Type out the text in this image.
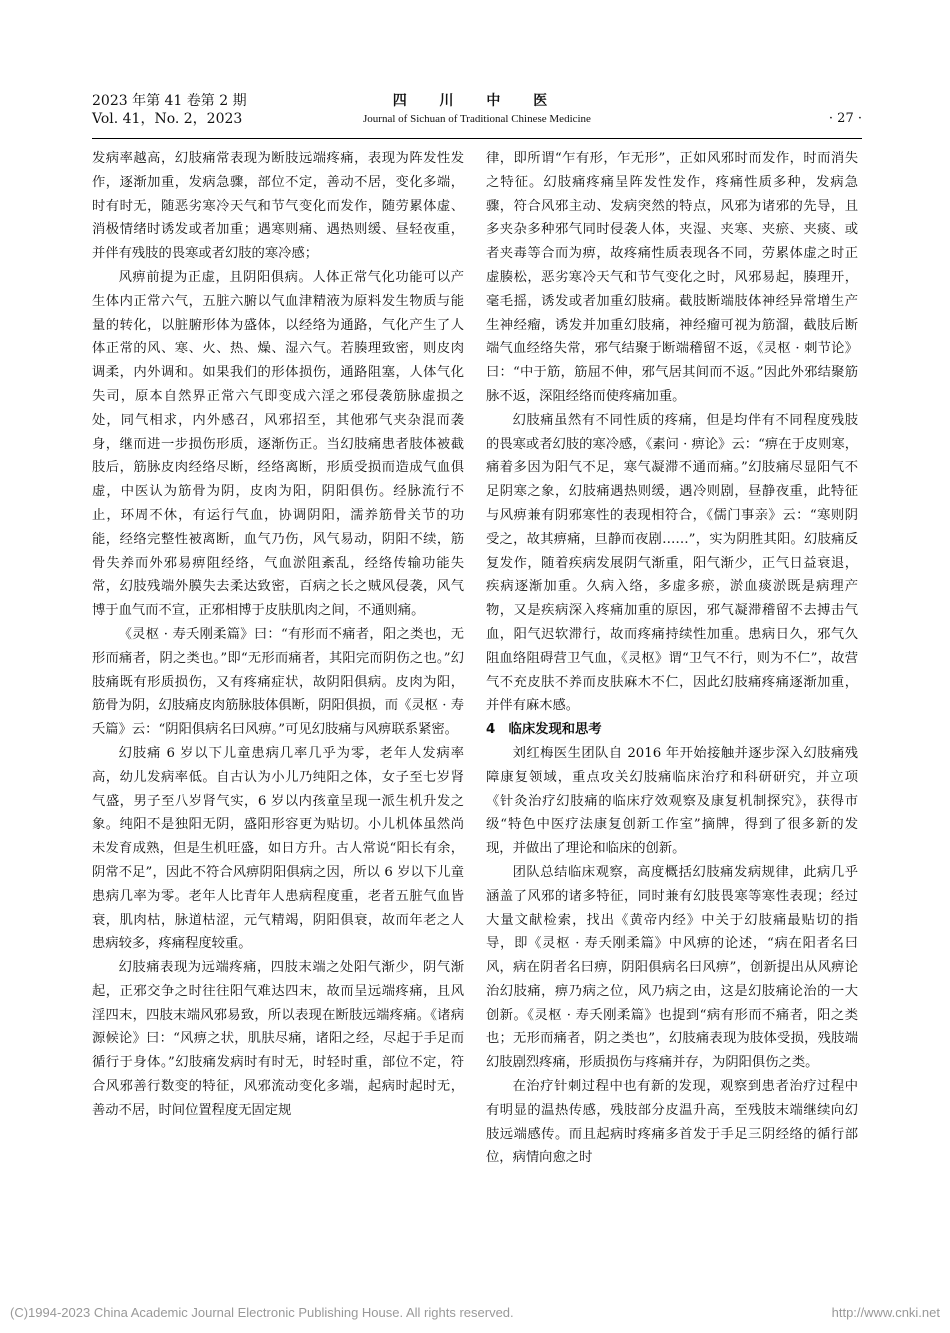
2023 年第 41 卷第 2 期
Vol. 41，No. 2，2023
四 川 中 医
Journal of Sichuan of Traditional Chinese Medicine	· 27 ·

发病率越高，幻肢痛常表现为断肢远端疼痛，表现为阵发性发作，逐渐加重，发病急骤，部位不定，善动不居，变化多端，时有时无，随恶劣寒冷天气和节气变化而发作，随劳累体虚、消极情绪时诱发或者加重；遇寒则痛、遇热则缓、昼轻夜重，并伴有残肢的畏寒或者幻肢的寒冷感；

风痹前提为正虚，且阴阳俱病。人体正常气化功能可以产生体内正常六气，五脏六腑以气血津精液为原料发生物质与能量的转化，以脏腑形体为盛体，以经络为通路，气化产生了人体正常的风、寒、火、热、燥、湿六气。若腠理致密，则皮肉调柔，内外调和。如果我们的形体损伤，通路阻塞，人体气化失司，原本自然界正常六气即变成六淫之邪侵袭筋脉虚损之处，同气相求，内外感召，风邪招至，其他邪气夹杂混而袭身，继而进一步损伤形质，逐渐伤正。当幻肢痛患者肢体被截肢后，筋脉皮肉经络尽断，经络离断，形质受损而造成气血俱虚，中医认为筋骨为阴，皮肉为阳，阴阳俱伤。经脉流行不止，环周不休，有运行气血，协调阴阳，濡养筋骨关节的功能，经络完整性被离断，血气乃伤，风气易动，阴阳不续，筋骨失养而外邪易痹阻经络，气血淤阻紊乱，经络传输功能失常，幻肢残端外膜失去柔达致密，百病之长之贼风侵袭，风气博于血气而不宣，正邪相博于皮肤肌肉之间，不通则痛。

《灵枢 · 寿夭刚柔篇》曰：“有形而不痛者，阳之类也，无形而痛者，阴之类也。”即“无形而痛者，其阳完而阴伤之也。”幻肢痛既有形质损伤，又有疼痛症状，故阴阳俱病。皮肉为阳，筋骨为阴，幻肢痛皮肉筋脉肢体俱断，阴阳俱损，而《灵枢 · 寿夭篇》云：“阴阳俱病名曰风痹。”可见幻肢痛与风痹联系紧密。

幻肢痛 6 岁以下儿童患病几率几乎为零，老年人发病率高，幼儿发病率低。自古认为小儿乃纯阳之体，女子至七岁肾气盛，男子至八岁肾气实，6 岁以内孩童呈现一派生机升发之象。纯阳不是独阳无阴，盛阳形容更为贴切。小儿机体虽然尚未发育成熟，但是生机旺盛，如日方升。古人常说“阳长有余，阴常不足”，因此不符合风痹阴阳俱病之因，所以 6 岁以下儿童患病几率为零。老年人比青年人患病程度重，老者五脏气血皆衰，肌肉枯，脉道枯涩，元气精竭，阴阳俱衰，故而年老之人患病较多，疼痛程度较重。

幻肢痛表现为远端疼痛，四肢末端之处阳气渐少，阴气渐起，正邪交争之时往往阳气难达四末，故而呈远端疼痛，且风淫四末，四肢末端风邪易致，所以表现在断肢远端疼痛。《诸病源候论》曰：“风痹之状，肌肤尽痛，诸阳之经，尽起于手足而循行于身体。”幻肢痛发病时有时无，时轻时重，部位不定，符合风邪善行数变的特征，风邪流动变化多端，起病时起时无，善动不居，时间位置程度无固定规

律，即所谓“乍有形，乍无形”，正如风邪时而发作，时而消失之特征。幻肢痛疼痛呈阵发性发作，疼痛性质多种，发病急骤，符合风邪主动、发病突然的特点，风邪为诸邪的先导，且多夹杂多种邪气同时侵袭人体，夹湿、夹寒、夹瘀、夹痰、或者夹毒等合而为痹，故疼痛性质表现各不同，劳累体虚之时正虚腠松，恶劣寒冷天气和节气变化之时，风邪易起，腠理开，毫毛摇，诱发或者加重幻肢痛。截肢断端肢体神经异常增生产生神经瘤，诱发并加重幻肢痛，神经瘤可视为筋溜，截肢后断端气血经络失常，邪气结聚于断端稽留不返，《灵枢 · 刺节论》曰：“中于筋，筋屈不伸，邪气居其间而不返。”因此外邪结聚筋脉不返，深阻经络而使疼痛加重。

幻肢痛虽然有不同性质的疼痛，但是均伴有不同程度残肢的畏寒或者幻肢的寒冷感，《素问 · 痹论》云：“痹在于皮则寒，痛着多因为阳气不足，寒气凝滞不通而痛。”幻肢痛尽显阳气不足阴寒之象，幻肢痛遇热则缓，遇冷则剧，昼静夜重，此特征与风痹兼有阴邪寒性的表现相符合，《儒门事亲》云：“寒则阴受之，故其痹痛，旦静而夜剧……”，实为阴胜其阳。幻肢痛反复发作，随着疾病发展阴气渐重，阳气渐少，正气日益衰退，疾病逐渐加重。久病入络，多虚多瘀，淤血痰淤既是病理产物，又是疾病深入疼痛加重的原因，邪气凝滞稽留不去搏击气血，阳气迟软滞行，故而疼痛持续性加重。患病日久，邪气久阻血络阻碍营卫气血，《灵枢》谓“卫气不行，则为不仁”，故营气不充皮肤不养而皮肤麻木不仁，因此幻肢痛疼痛逐渐加重，并伴有麻木感。

4　临床发现和思考

刘红梅医生团队自 2016 年开始接触并逐步深入幻肢痛残障康复领域，重点攻关幻肢痛临床治疗和科研研究，并立项《针灸治疗幻肢痛的临床疗效观察及康复机制探究》，获得市级“特色中医疗法康复创新工作室”摘牌，得到了很多新的发现，并做出了理论和临床的创新。

团队总结临床观察，高度概括幻肢痛发病规律，此病几乎涵盖了风邪的诸多特征，同时兼有幻肢畏寒等寒性表现；经过大量文献检索，找出《黄帝内经》中关于幻肢痛最贴切的指导，即《灵枢 · 寿夭刚柔篇》中风痹的论述，“病在阳者名曰风，病在阴者名曰痹，阴阳俱病名曰风痹”，创新提出从风痹论治幻肢痛，痹乃病之位，风乃病之由，这是幻肢痛论治的一大创新。《灵枢 · 寿夭刚柔篇》也提到“病有形而不痛者，阳之类也；无形而痛者，阴之类也”，幻肢痛表现为肢体受损，残肢端幻肢剧烈疼痛，形质损伤与疼痛并存，为阴阳俱伤之类。

在治疗针刺过程中也有新的发现，观察到患者治疗过程中有明显的温热传感，残肢部分皮温升高，至残肢末端继续向幻肢远端感传。而且起病时疼痛多首发于手足三阴经络的循行部位，病情向愈之时

(C)1994-2023 China Academic Journal Electronic Publishing House. All rights reserved.	http://www.cnki.net
